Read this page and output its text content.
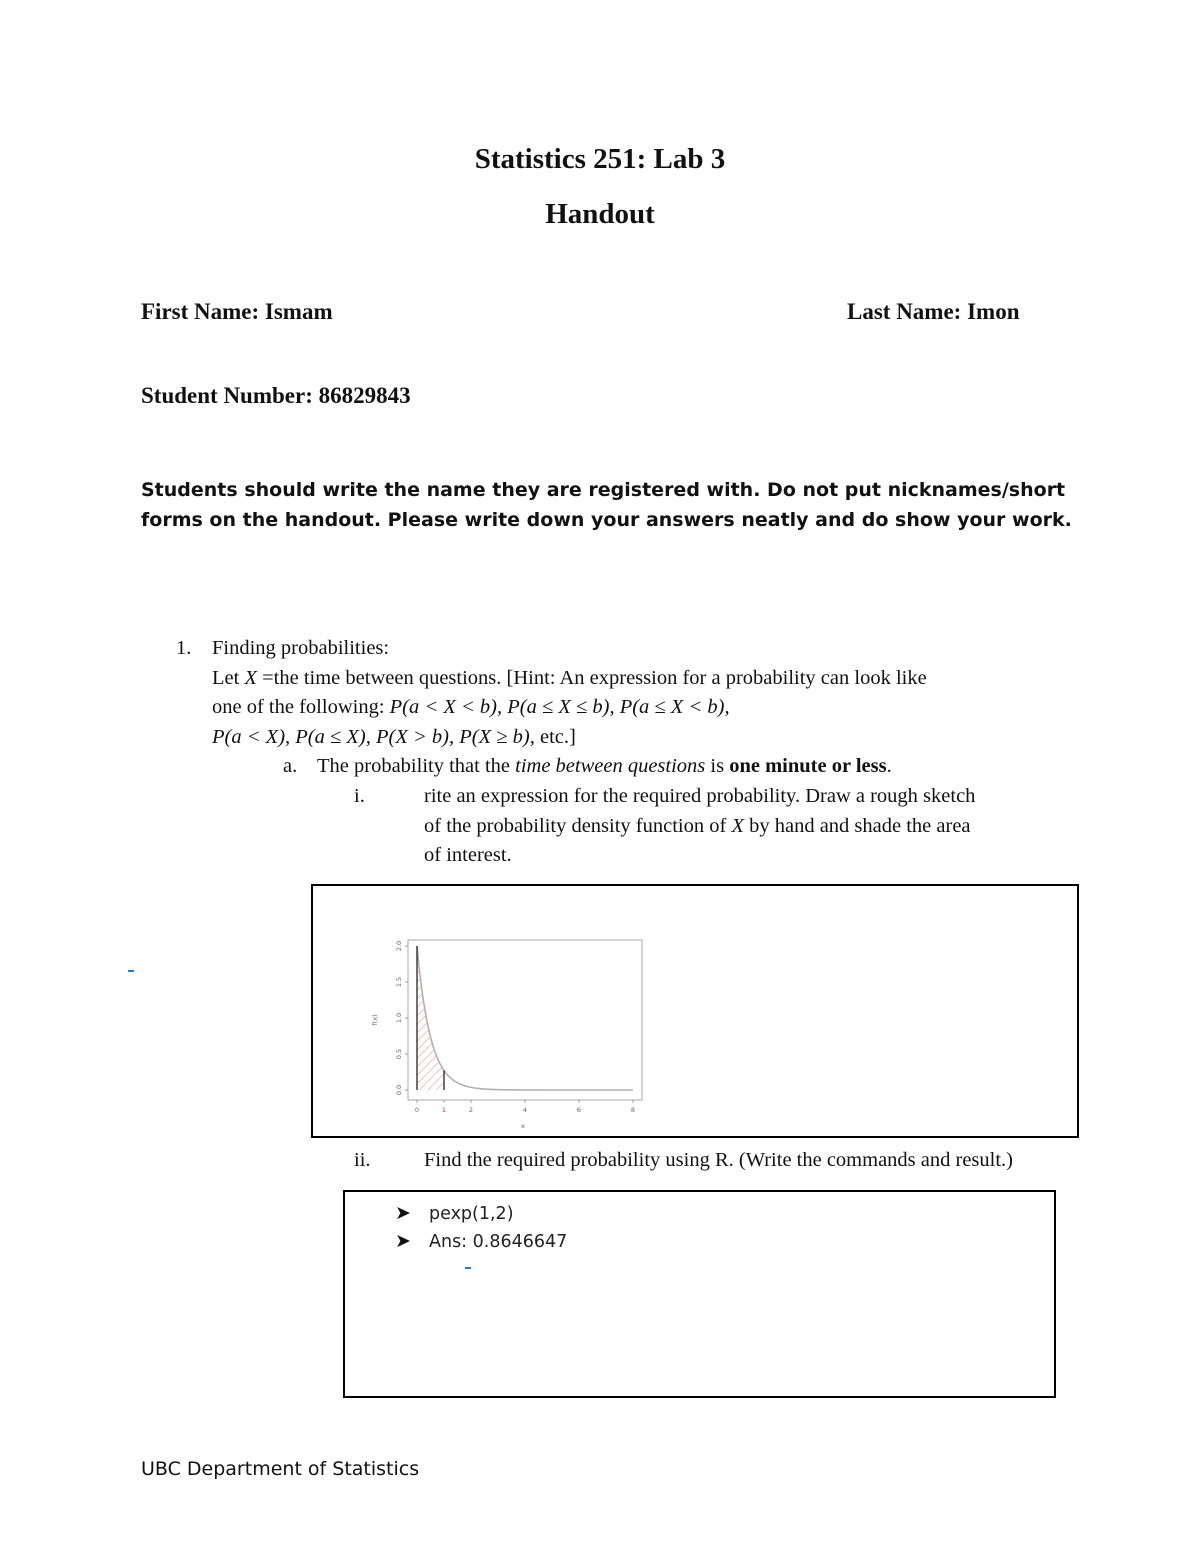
Statistics 251: Lab 3
Handout
First Name: Ismam	Last Name: Imon
Student Number: 86829843
Students should write the name they are registered with. Do not put nicknames/short forms on the handout. Please write down your answers neatly and do show your work.
1. Finding probabilities:
Let X =the time between questions. [Hint: An expression for a probability can look like
one of the following: P(a < X < b), P(a ≤ X ≤ b), P(a ≤ X < b),
P(a < X), P(a ≤ X), P(X > b), P(X ≥ b), etc.]
a. The probability that the time between questions is one minute or less.
i.	rite an expression for the required probability. Draw a rough sketch
of the probability density function of X by hand and shade the area
of interest.
0	1	2	4	6	8
0.0
0.5
1.0
1.5
2.0
x
f(x)
ii.	Find the required probability using R. (Write the commands and result.)
➤ pexp(1,2)
➤ Ans: 0.8646647
UBC Department of Statistics
